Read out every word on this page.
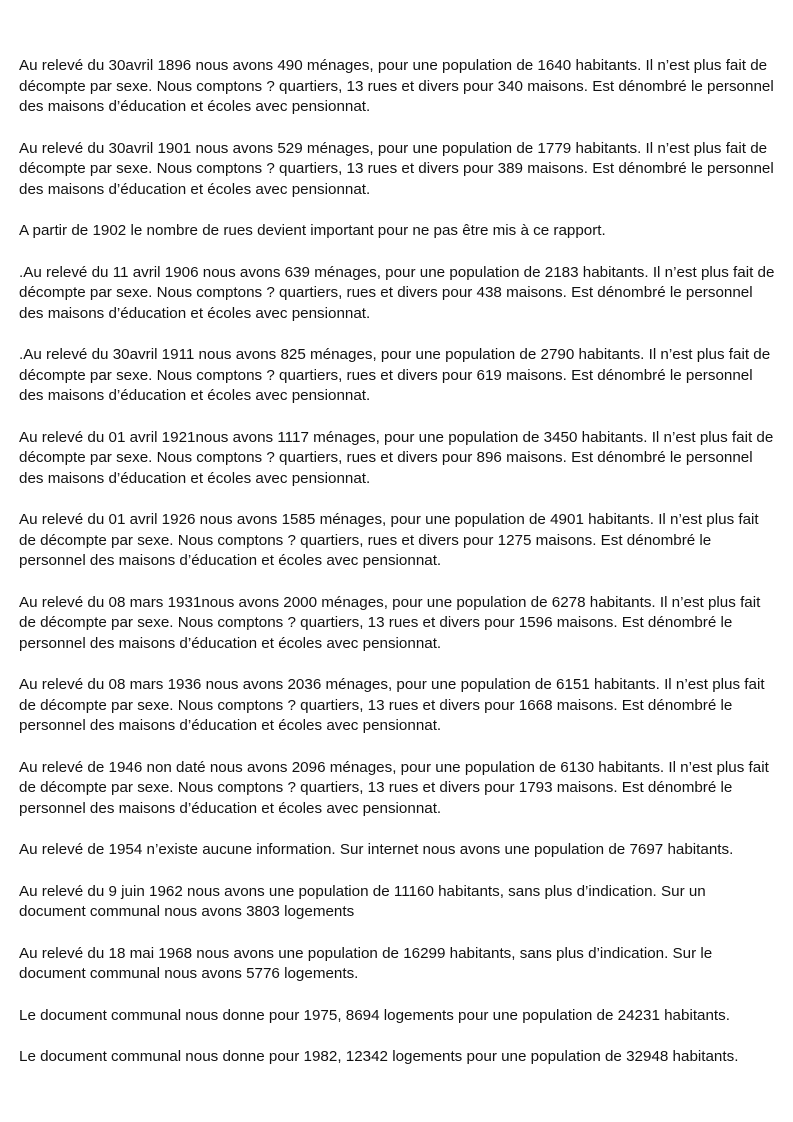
Au relevé du 30avril 1896 nous avons 490 ménages, pour une population de 1640 habitants. Il n’est plus fait de décompte par sexe. Nous comptons ? quartiers, 13 rues et divers pour 340 maisons. Est dénombré le personnel des maisons d’éducation et écoles avec pensionnat.

Au relevé du 30avril 1901 nous avons 529 ménages, pour une population de 1779 habitants. Il n’est plus fait de décompte par sexe. Nous comptons ? quartiers, 13 rues et divers pour 389 maisons. Est dénombré le personnel des maisons d’éducation et écoles avec pensionnat.

A partir de 1902 le nombre de rues devient important pour ne pas être mis à ce rapport.

.Au relevé du 11 avril 1906 nous avons 639 ménages, pour une population de 2183 habitants. Il n’est plus fait de décompte par sexe. Nous comptons ? quartiers, rues et divers pour 438 maisons. Est dénombré le personnel des maisons d’éducation et écoles avec pensionnat.

.Au relevé du 30avril 1911 nous avons 825 ménages, pour une population de 2790 habitants. Il n’est plus fait de décompte par sexe. Nous comptons ? quartiers, rues et divers pour 619 maisons. Est dénombré le personnel des maisons d’éducation et écoles avec pensionnat.

Au relevé du 01 avril 1921nous avons 1117 ménages, pour une population de 3450 habitants. Il n’est plus fait de décompte par sexe. Nous comptons ? quartiers, rues et divers pour 896 maisons. Est dénombré le personnel des maisons d’éducation et écoles avec pensionnat.

Au relevé du 01 avril 1926 nous avons 1585 ménages, pour une population de 4901 habitants. Il n’est plus fait de décompte par sexe. Nous comptons ? quartiers, rues et divers pour 1275 maisons. Est dénombré le personnel des maisons d’éducation et écoles avec pensionnat.

Au relevé du 08 mars 1931nous avons 2000 ménages, pour une population de 6278 habitants. Il n’est plus fait de décompte par sexe. Nous comptons ? quartiers, 13 rues et divers pour 1596 maisons. Est dénombré le personnel des maisons d’éducation et écoles avec pensionnat.

Au relevé du 08 mars 1936 nous avons 2036 ménages, pour une population de 6151 habitants. Il n’est plus fait de décompte par sexe. Nous comptons ? quartiers, 13 rues et divers pour 1668 maisons. Est dénombré le personnel des maisons d’éducation et écoles avec pensionnat.

Au relevé de 1946 non daté nous avons 2096 ménages, pour une population de 6130 habitants. Il n’est plus fait de décompte par sexe. Nous comptons ? quartiers, 13 rues et divers pour 1793 maisons. Est dénombré le personnel des maisons d’éducation et écoles avec pensionnat.

Au relevé de 1954 n’existe aucune information. Sur internet nous avons une population de 7697 habitants.

Au relevé du 9 juin 1962 nous avons une population de 11160 habitants, sans plus d’indication. Sur un document communal nous avons 3803 logements

Au relevé du 18 mai 1968 nous avons une population de 16299 habitants, sans plus d’indication. Sur le document communal nous avons 5776 logements.

Le document communal nous donne pour 1975, 8694 logements pour une population de 24231 habitants.

Le document communal nous donne pour 1982, 12342 logements pour une population de 32948 habitants.
